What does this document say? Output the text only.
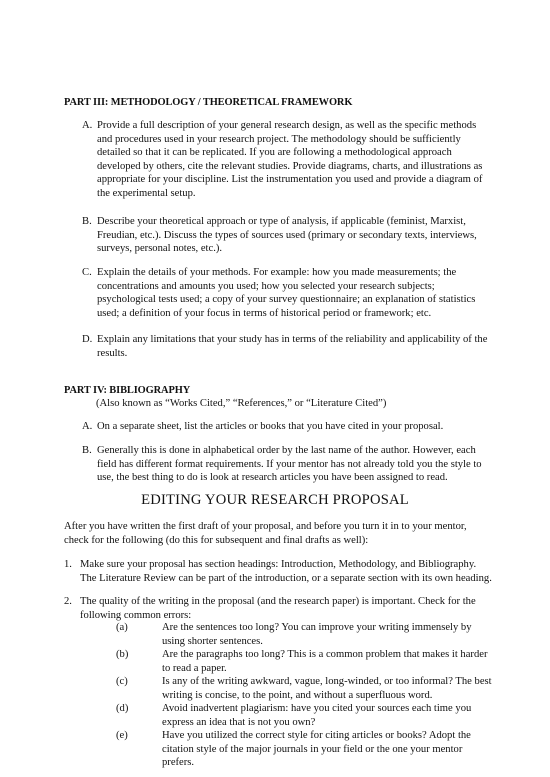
PART III: METHODOLOGY / THEORETICAL FRAMEWORK
A. Provide a full description of your general research design, as well as the specific methods and procedures used in your research project. The methodology should be sufficiently detailed so that it can be replicated. If you are following a methodological approach developed by others, cite the relevant studies. Provide diagrams, charts, and illustrations as appropriate for your discipline. List the instrumentation you used and provide a diagram of the experimental setup.
B. Describe your theoretical approach or type of analysis, if applicable (feminist, Marxist, Freudian, etc.). Discuss the types of sources used (primary or secondary texts, interviews, surveys, personal notes, etc.).
C. Explain the details of your methods. For example: how you made measurements; the concentrations and amounts you used; how you selected your research subjects; psychological tests used; a copy of your survey questionnaire; an explanation of statistics used; a definition of your focus in terms of historical period or framework; etc.
D. Explain any limitations that your study has in terms of the reliability and applicability of the results.
PART IV: BIBLIOGRAPHY
(Also known as “Works Cited,” “References,” or “Literature Cited”)
A. On a separate sheet, list the articles or books that you have cited in your proposal.
B. Generally this is done in alphabetical order by the last name of the author. However, each field has different format requirements. If your mentor has not already told you the style to use, the best thing to do is look at research articles you have been assigned to read.
EDITING YOUR RESEARCH PROPOSAL
After you have written the first draft of your proposal, and before you turn it in to your mentor, check for the following (do this for subsequent and final drafts as well):
1. Make sure your proposal has section headings: Introduction, Methodology, and Bibliography. The Literature Review can be part of the introduction, or a separate section with its own heading.
2. The quality of the writing in the proposal (and the research paper) is important. Check for the following common errors:
(a)	Are the sentences too long? You can improve your writing immensely by using shorter sentences.
(b)	Are the paragraphs too long? This is a common problem that makes it harder to read a paper.
(c)	Is any of the writing awkward, vague, long-winded, or too informal? The best writing is concise, to the point, and without a superfluous word.
(d)	Avoid inadvertent plagiarism: have you cited your sources each time you express an idea that is not you own?
(e)	Have you utilized the correct style for citing articles or books? Adopt the citation style of the major journals in your field or the one your mentor prefers.
